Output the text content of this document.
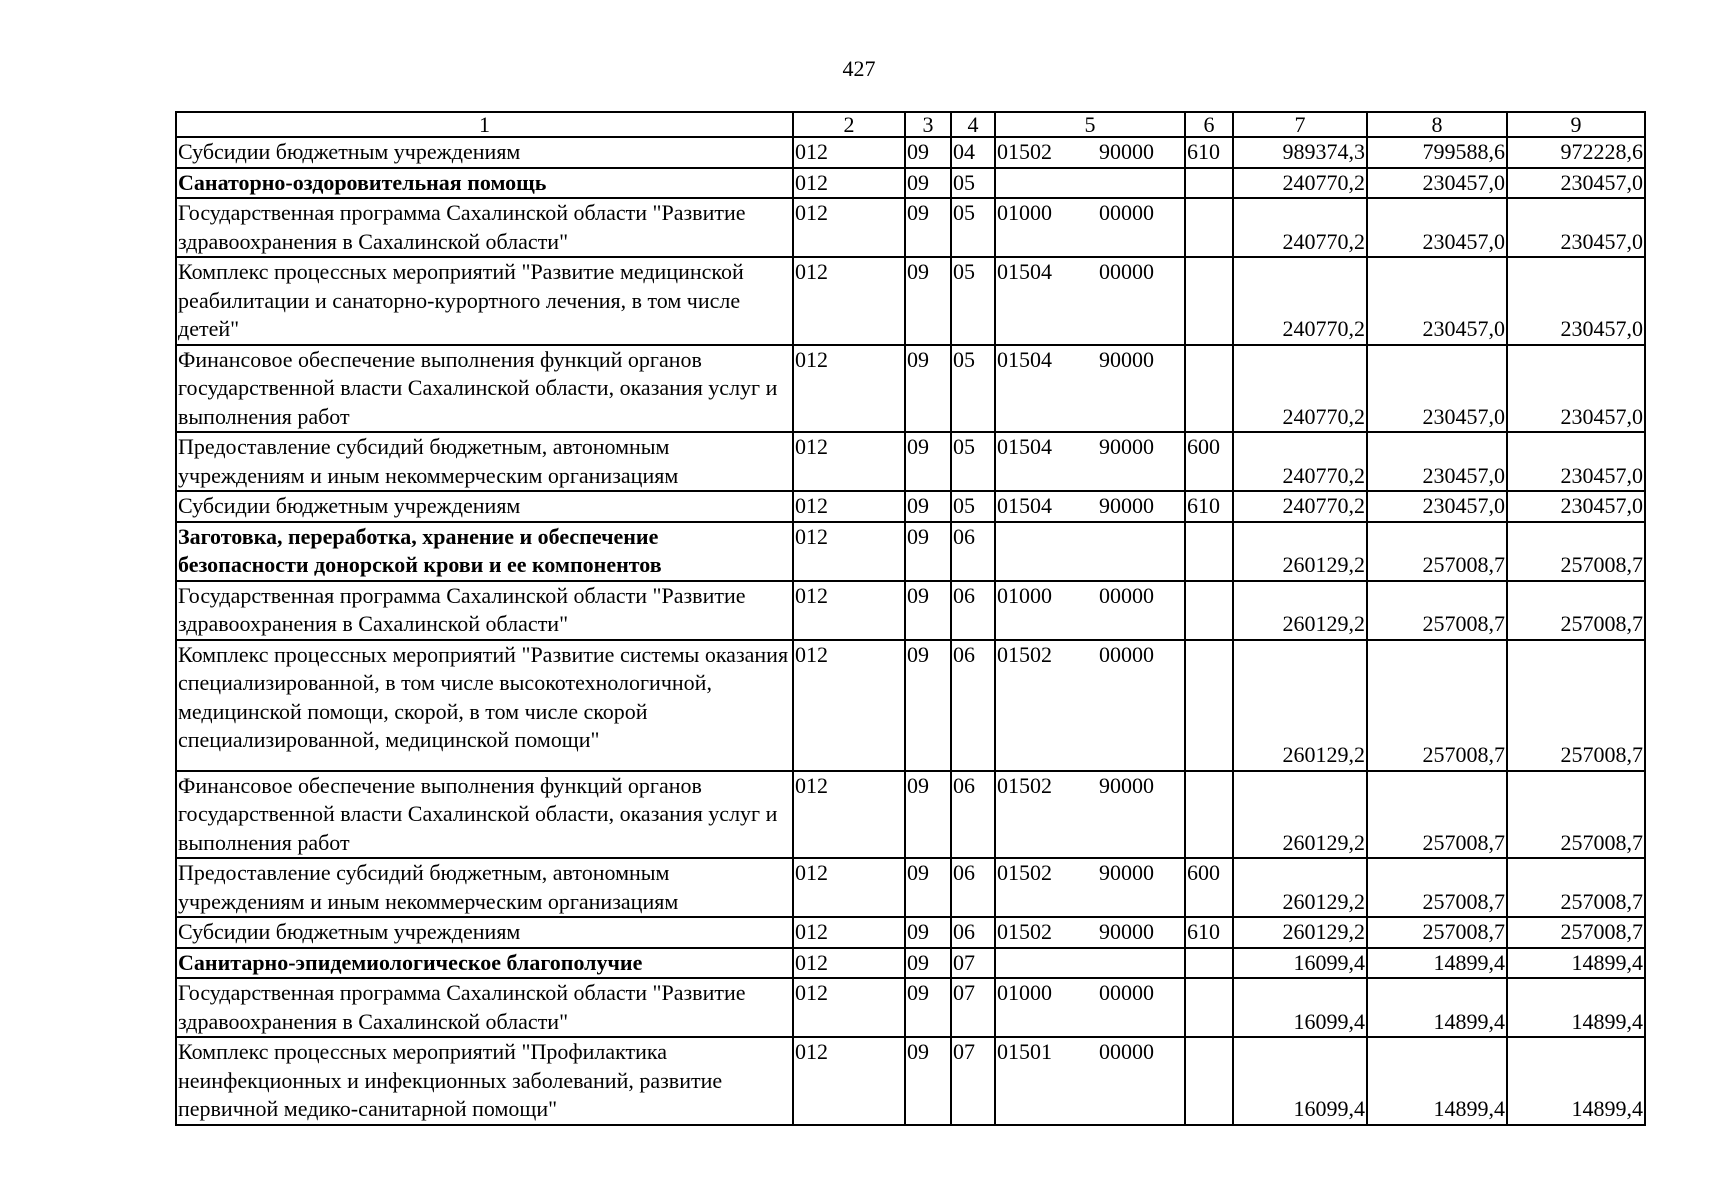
427
1	2	3	4	5	6	7	8	9
Субсидии бюджетным учреждениям	012	09	04	01502 90000	610	989374,3	799588,6	972228,6
Санаторно-оздоровительная помощь	012	09	05			240770,2	230457,0	230457,0
Государственная программа Сахалинской области "Развитие здравоохранения в Сахалинской области"	012	09	05	01000 00000		240770,2	230457,0	230457,0
Комплекс процессных мероприятий "Развитие медицинской реабилитации и санаторно-курортного лечения, в том числе детей"	012	09	05	01504 00000		240770,2	230457,0	230457,0
Финансовое обеспечение выполнения функций органов государственной власти Сахалинской области, оказания услуг и выполнения работ	012	09	05	01504 90000		240770,2	230457,0	230457,0
Предоставление субсидий бюджетным, автономным учреждениям и иным некоммерческим организациям	012	09	05	01504 90000	600	240770,2	230457,0	230457,0
Субсидии бюджетным учреждениям	012	09	05	01504 90000	610	240770,2	230457,0	230457,0
Заготовка, переработка, хранение и обеспечение безопасности донорской крови и ее компонентов	012	09	06			260129,2	257008,7	257008,7
Государственная программа Сахалинской области "Развитие здравоохранения в Сахалинской области"	012	09	06	01000 00000		260129,2	257008,7	257008,7
Комплекс процессных мероприятий "Развитие системы оказания специализированной, в том числе высокотехнологичной, медицинской помощи, скорой, в том числе скорой специализированной, медицинской помощи"	012	09	06	01502 00000		260129,2	257008,7	257008,7
Финансовое обеспечение выполнения функций органов государственной власти Сахалинской области, оказания услуг и выполнения работ	012	09	06	01502 90000		260129,2	257008,7	257008,7
Предоставление субсидий бюджетным, автономным учреждениям и иным некоммерческим организациям	012	09	06	01502 90000	600	260129,2	257008,7	257008,7
Субсидии бюджетным учреждениям	012	09	06	01502 90000	610	260129,2	257008,7	257008,7
Санитарно-эпидемиологическое благополучие	012	09	07			16099,4	14899,4	14899,4
Государственная программа Сахалинской области "Развитие здравоохранения в Сахалинской области"	012	09	07	01000 00000		16099,4	14899,4	14899,4
Комплекс процессных мероприятий "Профилактика неинфекционных и инфекционных заболеваний, развитие первичной медико-санитарной помощи"	012	09	07	01501 00000		16099,4	14899,4	14899,4
